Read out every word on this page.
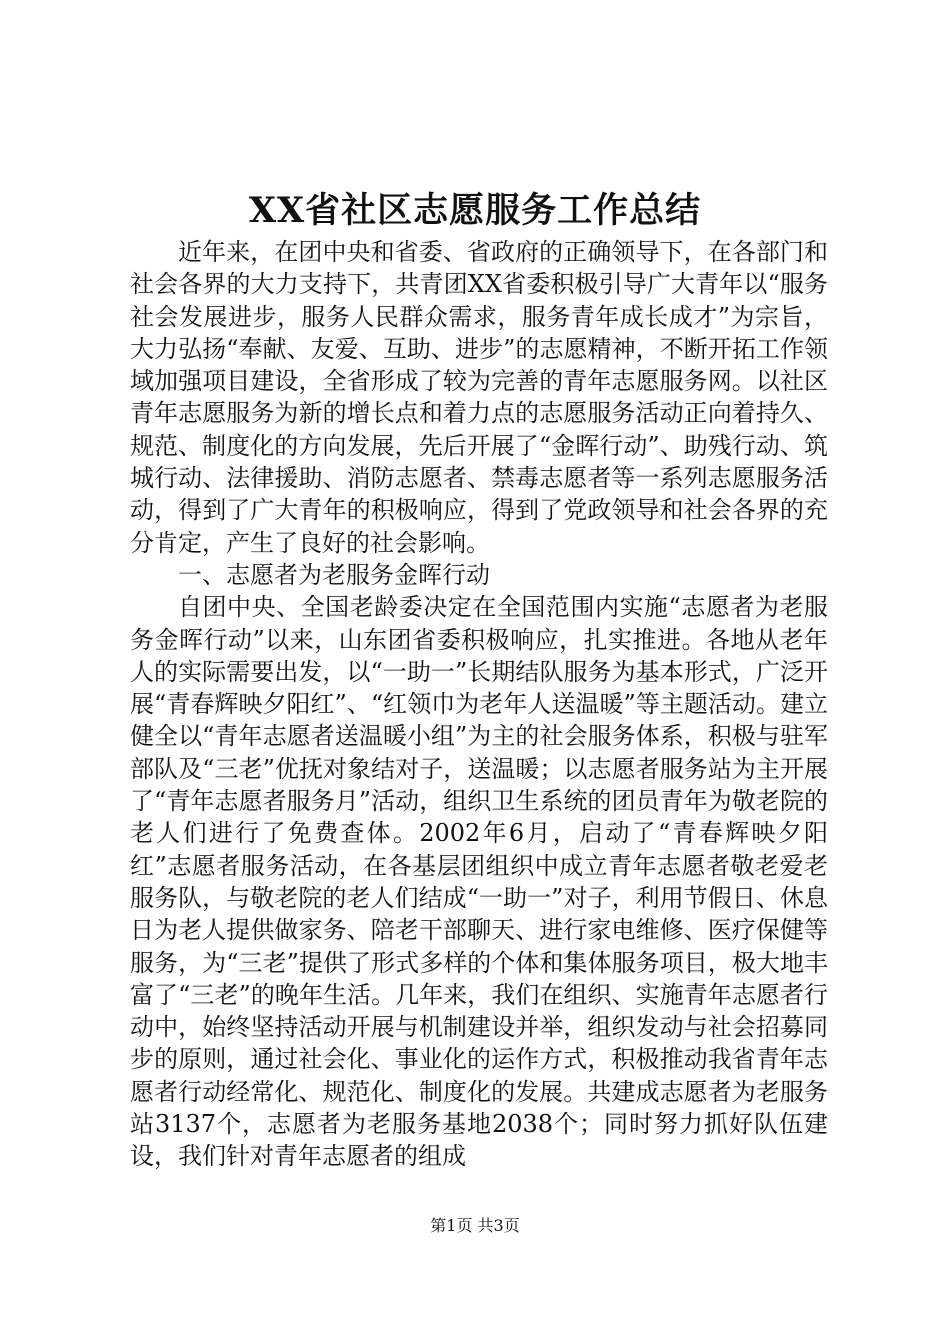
XX省社区志愿服务工作总结

近年来，在团中央和省委、省政府的正确领导下，在各部门和社会各界的大力支持下，共青团XX省委积极引导广大青年以“服务社会发展进步，服务人民群众需求，服务青年成长成才”为宗旨，大力弘扬“奉献、友爱、互助、进步”的志愿精神，不断开拓工作领域加强项目建设，全省形成了较为完善的青年志愿服务网。以社区青年志愿服务为新的增长点和着力点的志愿服务活动正向着持久、规范、制度化的方向发展，先后开展了“金晖行动”、助残行动、筑城行动、法律援助、消防志愿者、禁毒志愿者等一系列志愿服务活动，得到了广大青年的积极响应，得到了党政领导和社会各界的充分肯定，产生了良好的社会影响。

一、志愿者为老服务金晖行动

自团中央、全国老龄委决定在全国范围内实施“志愿者为老服务金晖行动”以来，山东团省委积极响应，扎实推进。各地从老年人的实际需要出发，以“一助一”长期结队服务为基本形式，广泛开展“青春辉映夕阳红”、“红领巾为老年人送温暖”等主题活动。建立健全以“青年志愿者送温暖小组”为主的社会服务体系，积极与驻军部队及“三老”优抚对象结对子，送温暖；以志愿者服务站为主开展了“青年志愿者服务月”活动，组织卫生系统的团员青年为敬老院的老人们进行了免费查体。2002年6月，启动了“青春辉映夕阳红”志愿者服务活动，在各基层团组织中成立青年志愿者敬老爱老服务队，与敬老院的老人们结成“一助一”对子，利用节假日、休息日为老人提供做家务、陪老干部聊天、进行家电维修、医疗保健等服务，为“三老”提供了形式多样的个体和集体服务项目，极大地丰富了“三老”的晚年生活。几年来，我们在组织、实施青年志愿者行动中，始终坚持活动开展与机制建设并举，组织发动与社会招募同步的原则，通过社会化、事业化的运作方式，积极推动我省青年志愿者行动经常化、规范化、制度化的发展。共建成志愿者为老服务站3137个，志愿者为老服务基地2038个；同时努力抓好队伍建设，我们针对青年志愿者的组成

第1页 共3页
